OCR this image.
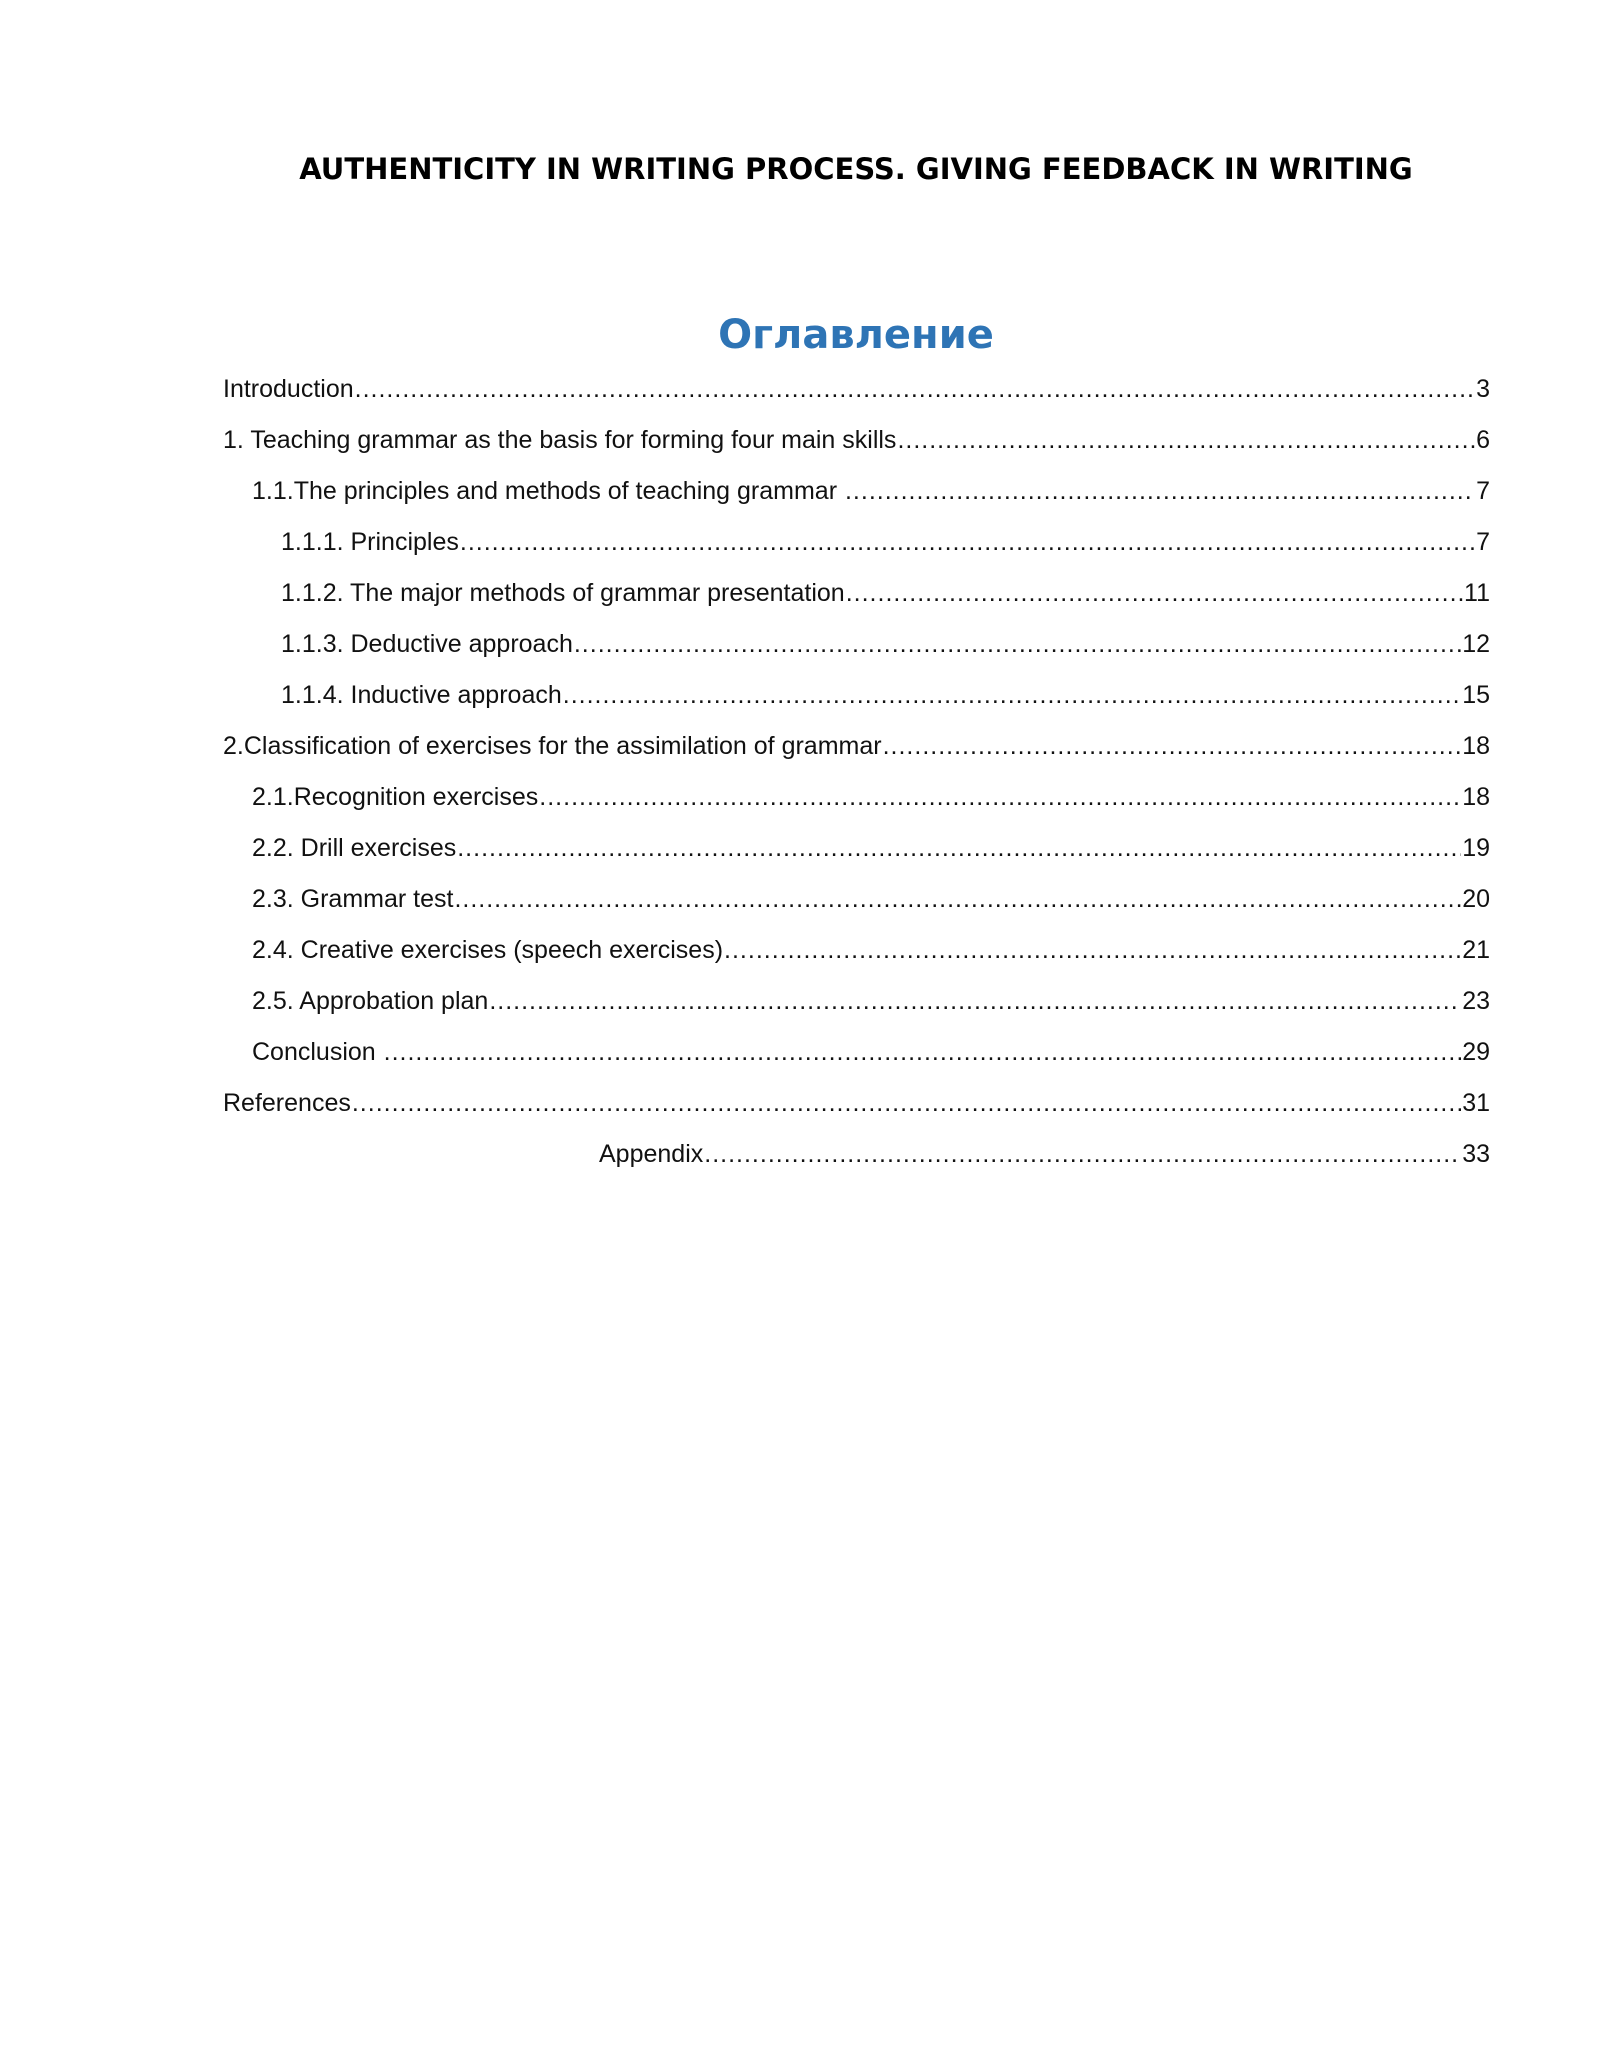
AUTHENTICITY IN WRITING PROCESS. GIVING FEEDBACK IN WRITING
Оглавление
Introduction .....	3
1. Teaching grammar as the basis for forming four main skills .....	6
1.1.The principles and methods of teaching grammar .....	7
1.1.1. Principles .....	7
1.1.2. The major methods of grammar presentation .....	11
1.1.3. Deductive approach .....	12
1.1.4. Inductive approach .....	15
2.Classification of exercises for the assimilation of grammar .....	18
2.1.Recognition exercises .....	18
2.2. Drill exercises .....	19
2.3. Grammar test .....	20
2.4. Creative exercises (speech exercises) .....	21
2.5. Approbation plan .....	23
Conclusion .....	29
References .....	31
Appendix .....	33
